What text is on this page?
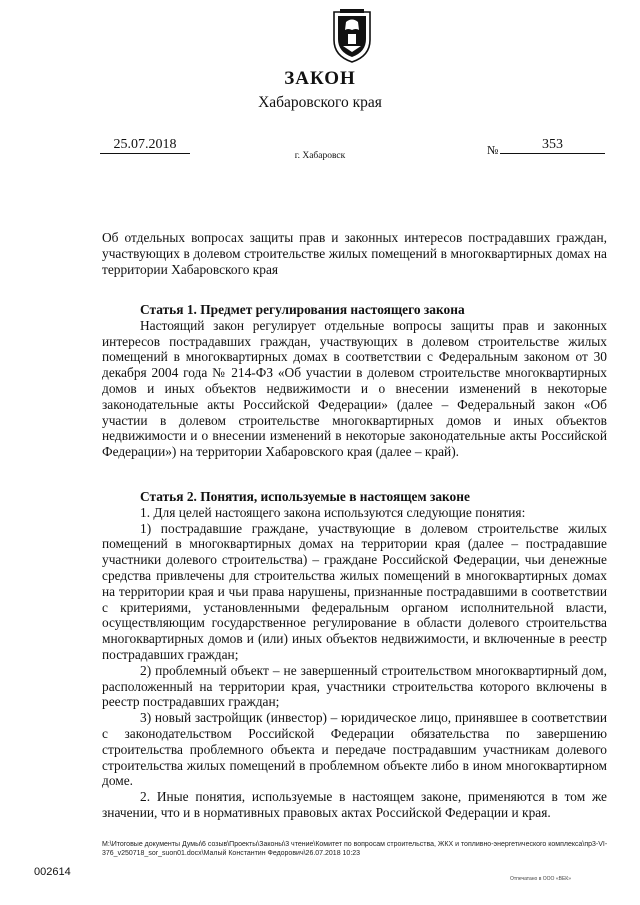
ЗАКОН
Хабаровского края
25.07.2018	№	353
г. Хабаровск

Об отдельных вопросах защиты прав и законных интересов пострадавших граждан, участвующих в долевом строительстве жилых помещений в многоквартирных домах на территории Хабаровского края

Статья 1. Предмет регулирования настоящего закона

Настоящий закон регулирует отдельные вопросы защиты прав и законных интересов пострадавших граждан, участвующих в долевом строительстве жилых помещений в многоквартирных домах в соответствии с Федеральным законом от 30 декабря 2004 года № 214-ФЗ «Об участии в долевом строительстве многоквартирных домов и иных объектов недвижимости и о внесении изменений в некоторые законодательные акты Российской Федерации» (далее – Федеральный закон «Об участии в долевом строительстве многоквартирных домов и иных объектов недвижимости и о внесении изменений в некоторые законодательные акты Российской Федерации») на территории Хабаровского края (далее – край).

Статья 2. Понятия, используемые в настоящем законе

1. Для целей настоящего закона используются следующие понятия:

1) пострадавшие граждане, участвующие в долевом строительстве жилых помещений в многоквартирных домах на территории края (далее – пострадавшие участники долевого строительства) – граждане Российской Федерации, чьи денежные средства привлечены для строительства жилых помещений в многоквартирных домах на территории края и чьи права нарушены, признанные пострадавшими в соответствии с критериями, установленными федеральным органом исполнительной власти, осуществляющим государственное регулирование в области долевого строительства многоквартирных домов и (или) иных объектов недвижимости, и включенные в реестр пострадавших граждан;

2) проблемный объект – не завершенный строительством многоквартирный дом, расположенный на территории края, участники строительства которого включены в реестр пострадавших граждан;

3) новый застройщик (инвестор) – юридическое лицо, принявшее в соответствии с законодательством Российской Федерации обязательства по завершению строительства проблемного объекта и передаче пострадавшим участникам долевого строительства жилых помещений в проблемном объекте либо в ином многоквартирном доме.

2. Иные понятия, используемые в настоящем законе, применяются в том же значении, что и в нормативных правовых актах Российской Федерации и края.

M:\Итоговые документы Думы\6 созыв\Проекты\Законы\3 чтение\Комитет по вопросам строительства, ЖКХ и топливно-энергетического комплекса\пр3-VI-376_v250718_sor_suon01.docx\Малый Константин Федорович\26.07.2018 10:23
002614
Отпечатано в ООО «ВЕК»
